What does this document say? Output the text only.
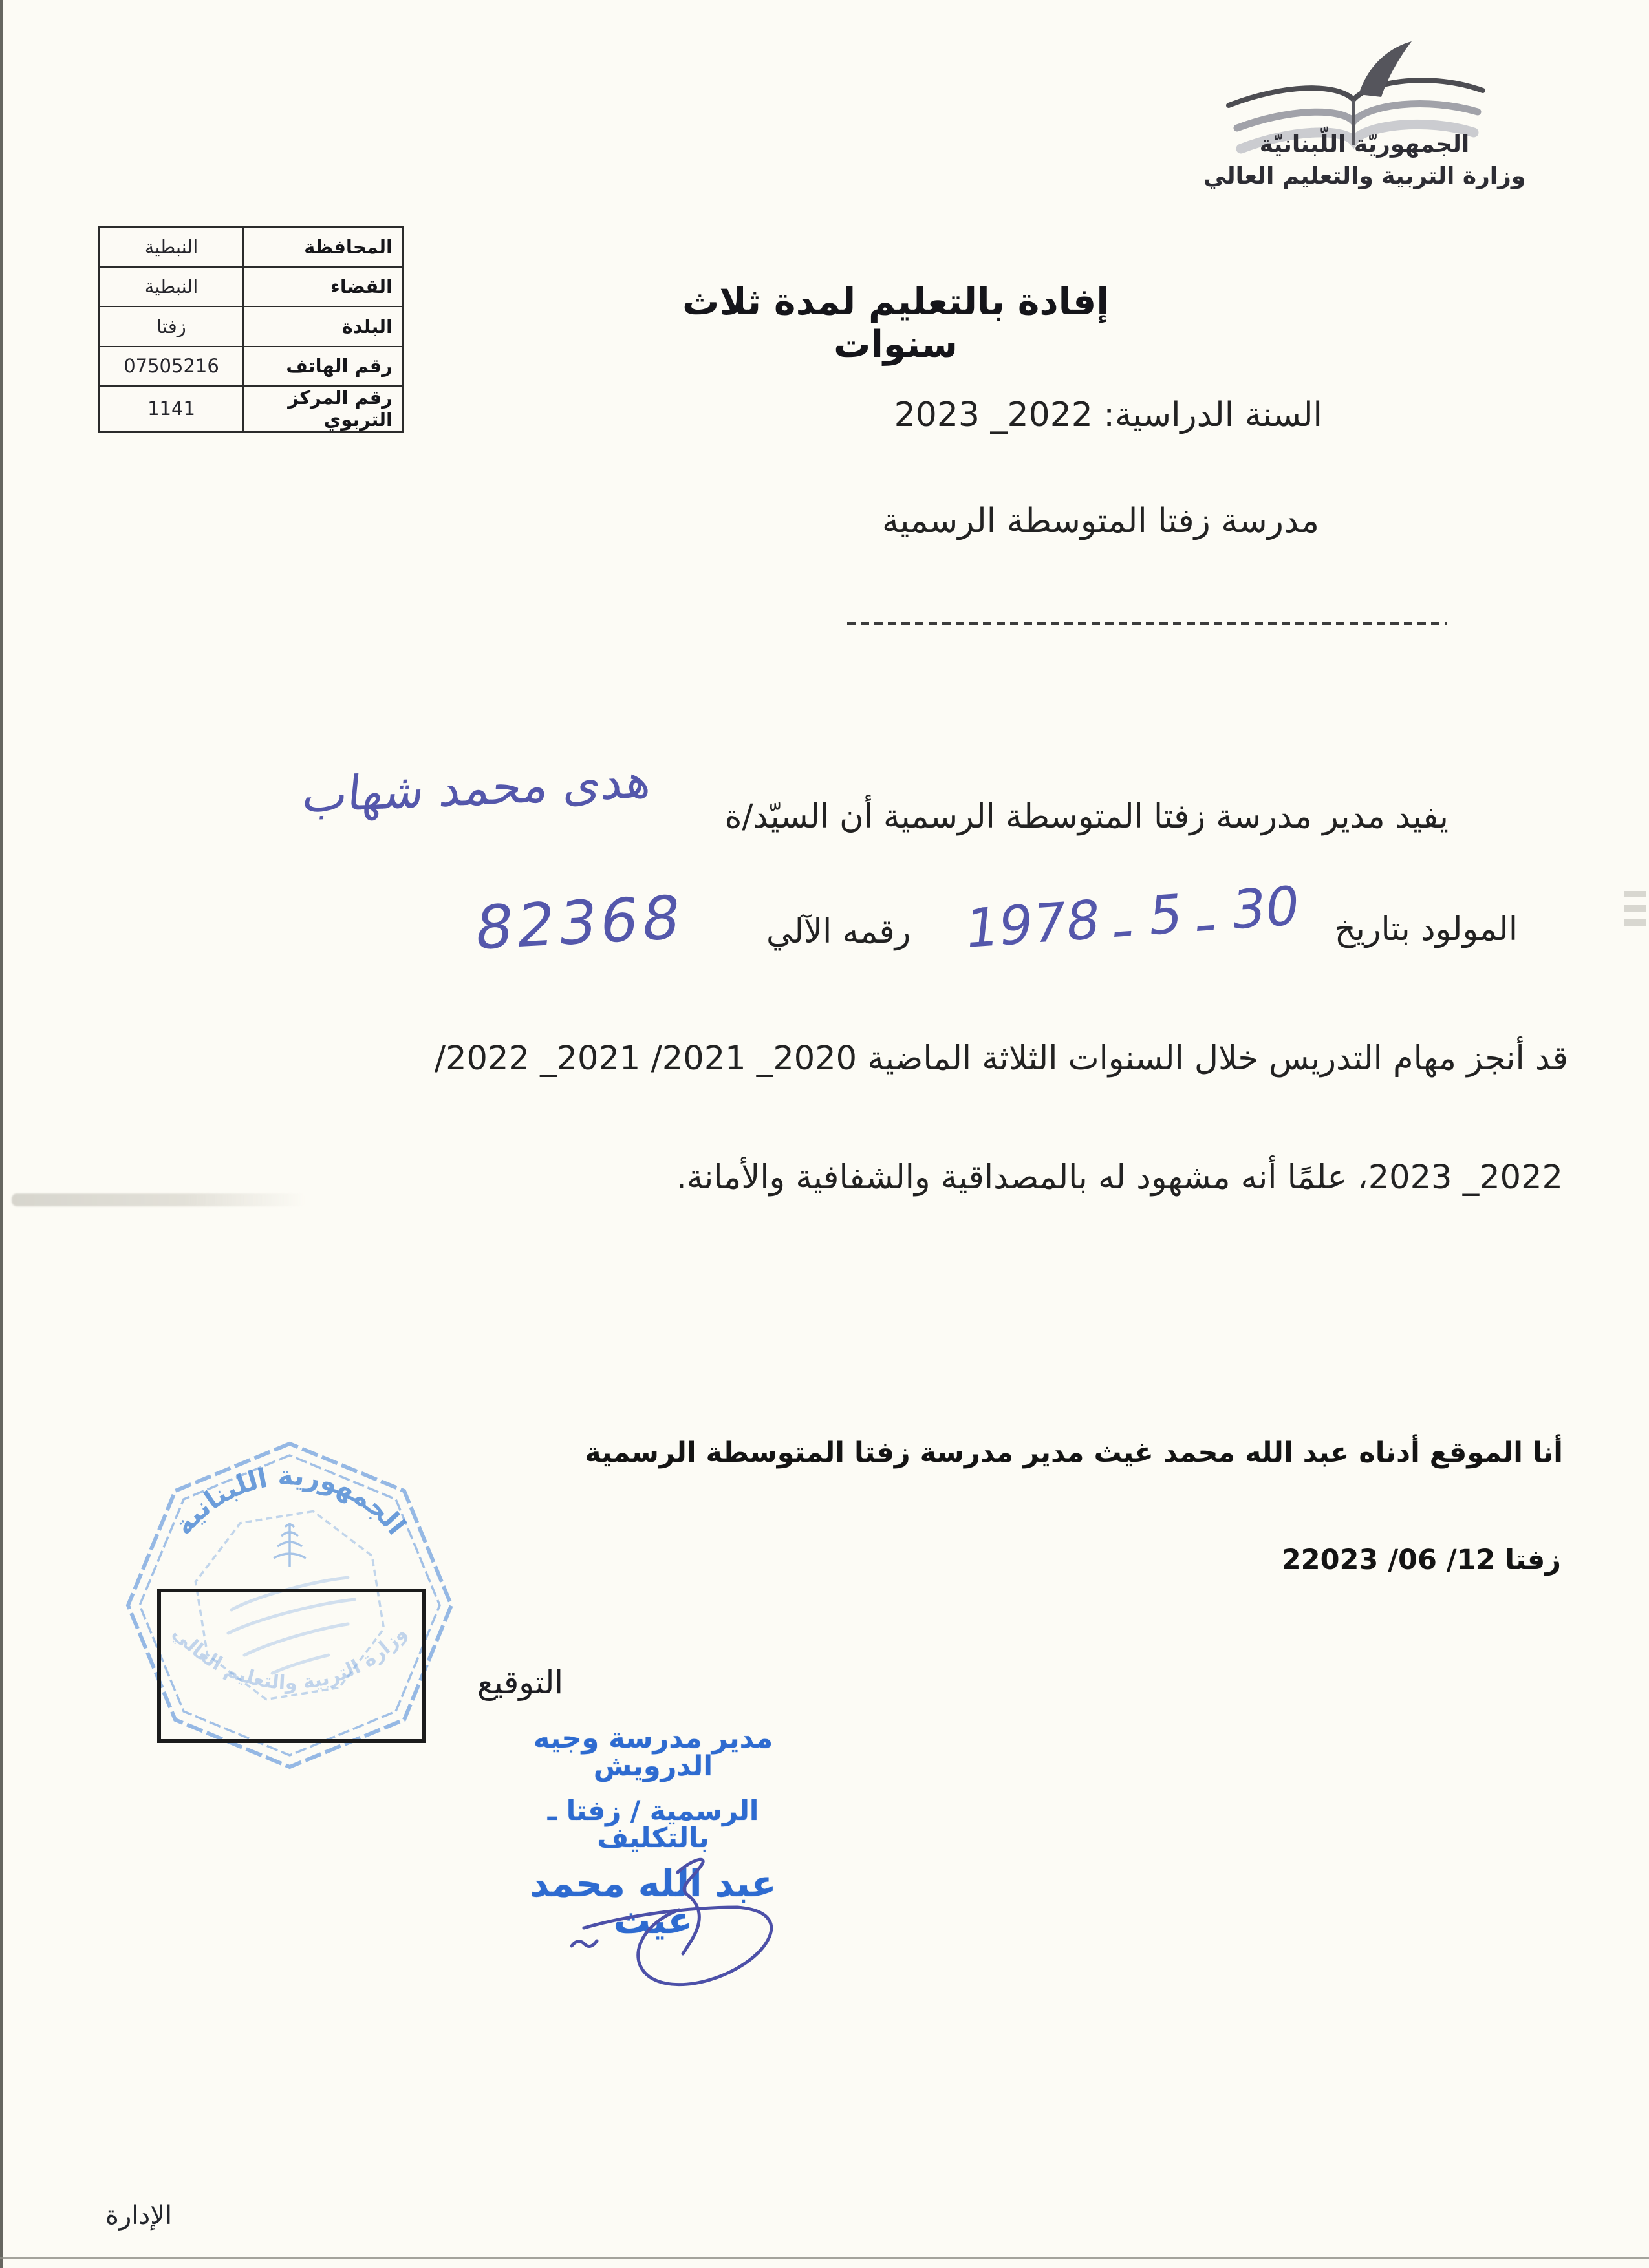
الجمهوريّة اللّبنانيّة
وزارة التربية والتعليم العالي
المحافظة
النبطية
القضاء
النبطية
البلدة
زفتا
رقم الهاتف
07505216
رقم المركز التربوي
1141
إفادة بالتعليم لمدة ثلاث سنوات
السنة الدراسية: 2022_ 2023
مدرسة زفتا المتوسطة الرسمية
يفيد مدير مدرسة زفتا المتوسطة الرسمية أن السيّد/ة
هدى محمد شهاب
المولود بتاريخ
30 ـ 5 ـ 1978
رقمه الآلي
82368
قد أنجز مهام التدريس خلال السنوات الثلاثة الماضية 2020_ 2021/ 2021_ 2022/
2022_ 2023، علمًا أنه مشهود له بالمصداقية والشفافية والأمانة.
أنا الموقع أدناه عبد الله محمد غيث مدير مدرسة زفتا المتوسطة الرسمية
زفتا 12/ 06/ 22023
التوقيع
مدير مدرسة وجيه الدرويش
الرسمية / زفتا ـ بالتكليف
عبد الله محمد غيث
الجمهورية اللبنانية
وزارة التربية والتعليم العالي
الإدارة
